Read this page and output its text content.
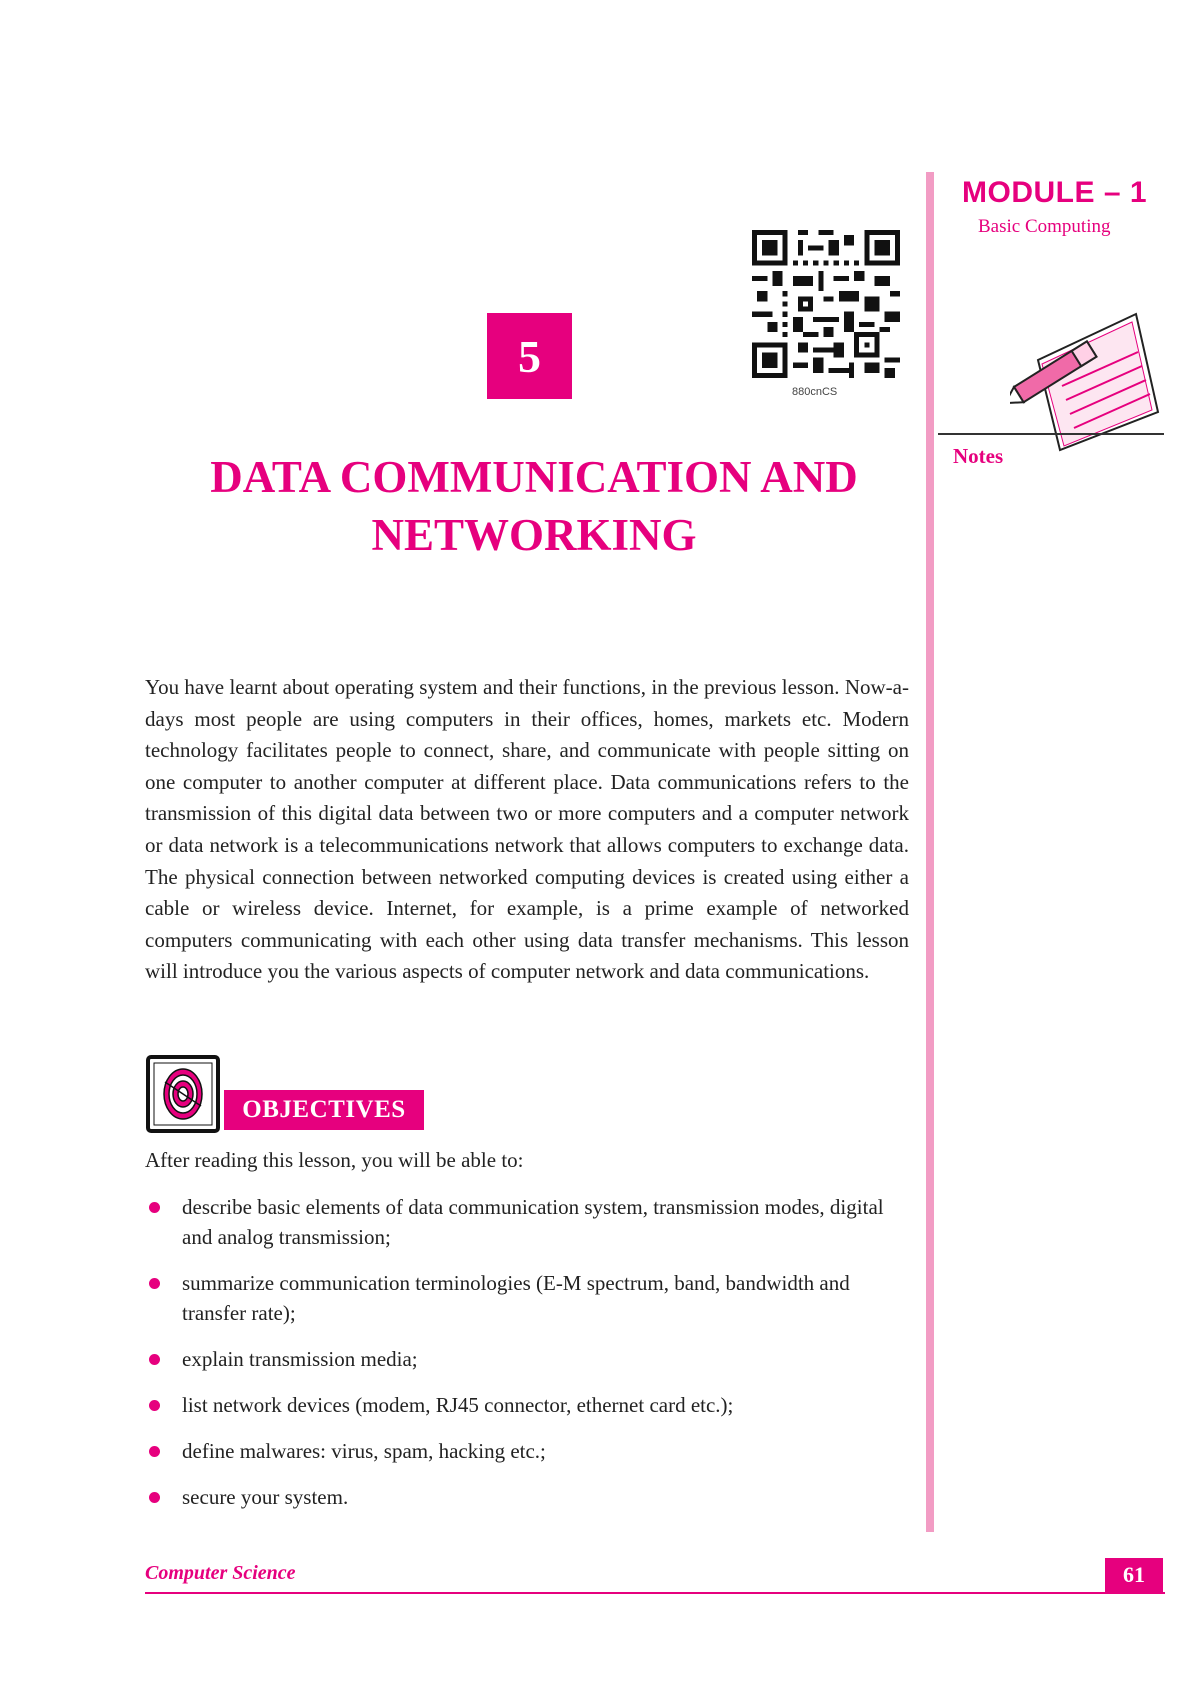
MODULE – 1
Basic Computing
Notes
5
880cnCS
DATA COMMUNICATION AND
NETWORKING

You have learnt about operating system and their functions, in the previous lesson. Now-a-days most people are using computers in their offices, homes, markets etc. Modern technology facilitates people to connect, share, and communicate with people sitting on one computer to another computer at different place. Data communications refers to the transmission of this digital data between two or more computers and a computer network or data network is a telecommunications network that allows computers to exchange data. The physical connection between networked computing devices is created using either a cable or wireless device. Internet, for example, is a prime example of networked computers communicating with each other using data transfer mechanisms. This lesson will introduce you the various aspects of computer network and data communications.

OBJECTIVES
After reading this lesson, you will be able to:
describe basic elements of data communication system, transmission modes, digital and analog transmission;
summarize communication terminologies (E-M spectrum, band, bandwidth and transfer rate);
explain transmission media;
list network devices (modem, RJ45 connector, ethernet card etc.);
define malwares: virus, spam, hacking etc.;
secure your system.
Computer Science	61
